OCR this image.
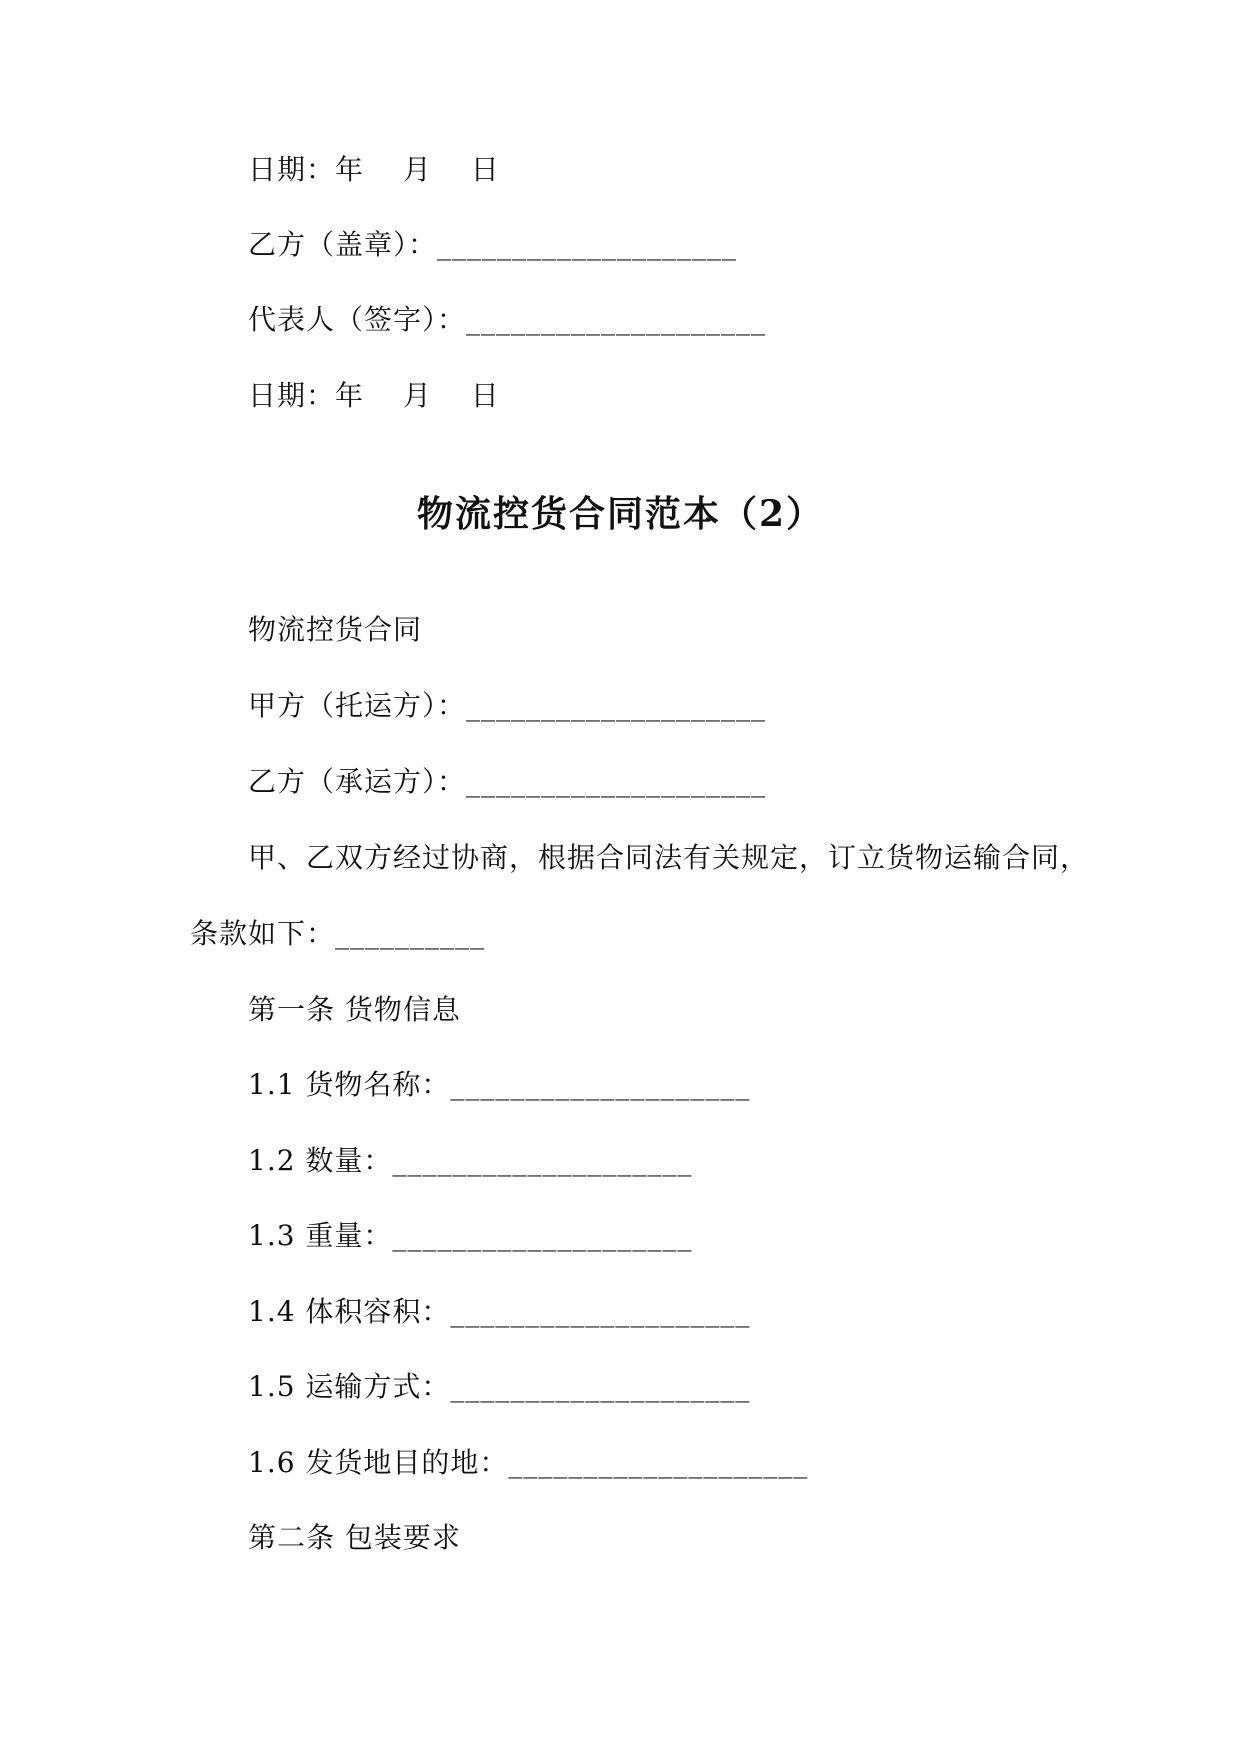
日期：年　 月　 日
乙方（盖章）：____________________
代表人（签字）：____________________
日期：年　 月　 日
物流控货合同范本（2）
物流控货合同
甲方（托运方）：____________________
乙方（承运方）：____________________
甲、乙双方经过协商，根据合同法有关规定，订立货物运输合同，
条款如下：__________
第一条 货物信息
1.1 货物名称：____________________
1.2 数量：____________________
1.3 重量：____________________
1.4 体积容积：____________________
1.5 运输方式：____________________
1.6 发货地目的地：____________________
第二条 包装要求
